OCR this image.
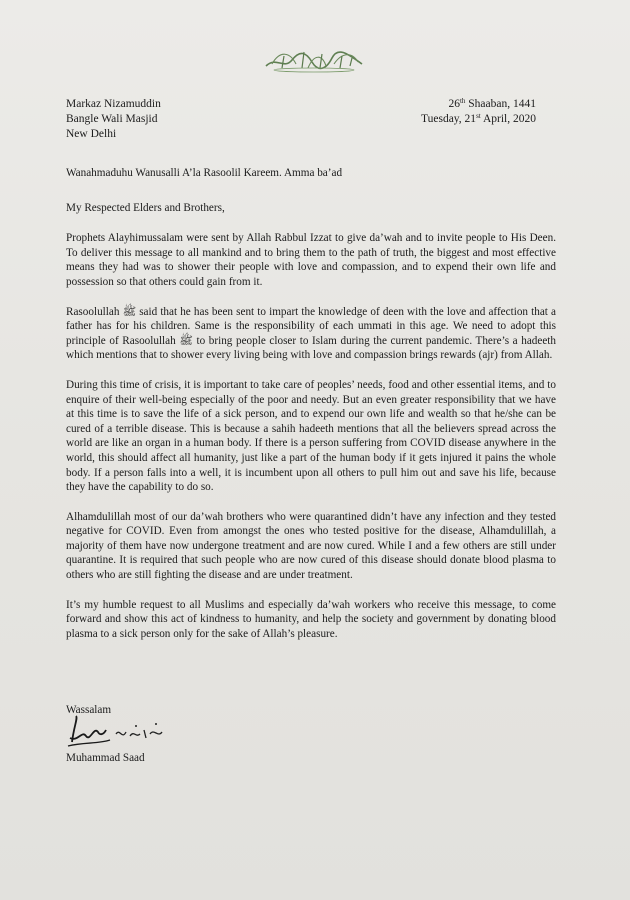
Markaz Nizamuddin
Bangle Wali Masjid
New Delhi
26th Shaaban, 1441
Tuesday, 21st April, 2020

Wanahmaduhu Wanusalli A’la Rasoolil Kareem. Amma ba’ad

My Respected Elders and Brothers,

Prophets Alayhimussalam were sent by Allah Rabbul Izzat to give da’wah and to invite people to His Deen. To deliver this message to all mankind and to bring them to the path of truth, the biggest and most effective means they had was to shower their people with love and compassion, and to expend their own life and possession so that others could gain from it.

Rasoolullah ﷺ said that he has been sent to impart the knowledge of deen with the love and affection that a father has for his children. Same is the responsibility of each ummati in this age. We need to adopt this principle of Rasoolullah ﷺ to bring people closer to Islam during the current pandemic. There’s a hadeeth which mentions that to shower every living being with love and compassion brings rewards (ajr) from Allah.

During this time of crisis, it is important to take care of peoples’ needs, food and other essential items, and to enquire of their well-being especially of the poor and needy. But an even greater responsibility that we have at this time is to save the life of a sick person, and to expend our own life and wealth so that he/she can be cured of a terrible disease. This is because a sahih hadeeth mentions that all the believers spread across the world are like an organ in a human body. If there is a person suffering from COVID disease anywhere in the world, this should affect all humanity, just like a part of the human body if it gets injured it pains the whole body. If a person falls into a well, it is incumbent upon all others to pull him out and save his life, because they have the capability to do so.

Alhamdulillah most of our da’wah brothers who were quarantined didn’t have any infection and they tested negative for COVID. Even from amongst the ones who tested positive for the disease, Alhamdulillah, a majority of them have now undergone treatment and are now cured. While I and a few others are still under quarantine. It is required that such people who are now cured of this disease should donate blood plasma to others who are still fighting the disease and are under treatment.

It’s my humble request to all Muslims and especially da’wah workers who receive this message, to come forward and show this act of kindness to humanity, and help the society and government by donating blood plasma to a sick person only for the sake of Allah’s pleasure.

Wassalam
Muhammad Saad
